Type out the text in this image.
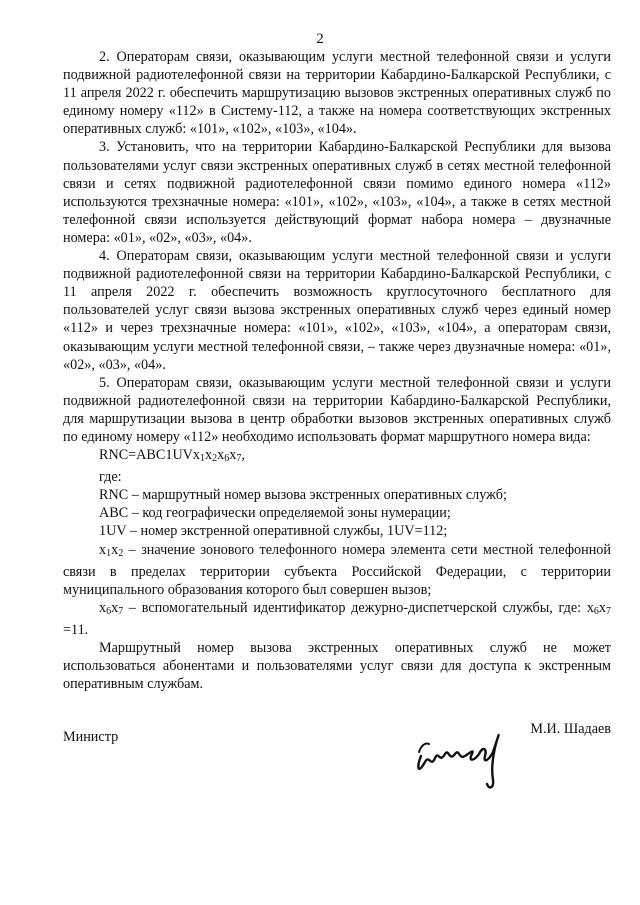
2

2. Операторам связи, оказывающим услуги местной телефонной связи и услуги подвижной радиотелефонной связи на территории Кабардино-Балкарской Республики, с 11 апреля 2022 г. обеспечить маршрутизацию вызовов экстренных оперативных служб по единому номеру «112» в Систему-112, а также на номера соответствующих экстренных оперативных служб: «101», «102», «103», «104».

3. Установить, что на территории Кабардино-Балкарской Республики для вызова пользователями услуг связи экстренных оперативных служб в сетях местной телефонной связи и сетях подвижной радиотелефонной связи помимо единого номера «112» используются трехзначные номера: «101», «102», «103», «104», а также в сетях местной телефонной связи используется действующий формат набора номера – двузначные номера: «01», «02», «03», «04».

4. Операторам связи, оказывающим услуги местной телефонной связи и услуги подвижной радиотелефонной связи на территории Кабардино-Балкарской Республики, с 11 апреля 2022 г. обеспечить возможность круглосуточного бесплатного для пользователей услуг связи вызова экстренных оперативных служб через единый номер «112» и через трехзначные номера: «101», «102», «103», «104», а операторам связи, оказывающим услуги местной телефонной связи, – также через двузначные номера: «01», «02», «03», «04».

5. Операторам связи, оказывающим услуги местной телефонной связи и услуги подвижной радиотелефонной связи на территории Кабардино-Балкарской Республики, для маршрутизации вызова в центр обработки вызовов экстренных оперативных служб по единому номеру «112» необходимо использовать формат маршрутного номера вида:

$RNC=ABC1UVx_1x_2x_6x_7$,

где:

RNC – маршрутный номер вызова экстренных оперативных служб;

ABC – код географически определяемой зоны нумерации;

1UV – номер экстренной оперативной службы, 1UV=112;

$x_1x_2$ – значение зонового телефонного номера элемента сети местной телефонной связи в пределах территории субъекта Российской Федерации, с территории муниципального образования которого был совершен вызов;

$x_6x_7$ – вспомогательный идентификатор дежурно-диспетчерской службы, где: $x_6x_7 =11$.

Маршрутный номер вызова экстренных оперативных служб не может использоваться абонентами и пользователями услуг связи для доступа к экстренным оперативным службам.

Министр	М.И. Шадаев
